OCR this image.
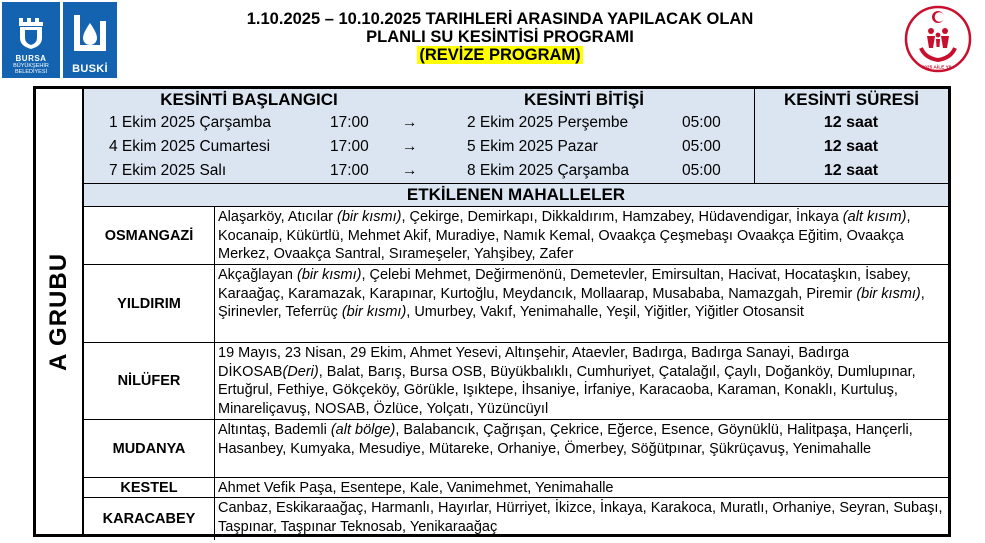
BURSA
BÜYÜKŞEHİR
BELEDİYESİ BUSKİ	2025 AİLE YILI
1.10.2025 – 10.10.2025 TARIHLERİ ARASINDA YAPILACAK OLAN
PLANLI SU KESİNTİSİ PROGRAMI
(REVİZE PROGRAM)
A GRUBU
KESİNTİ BAŞLANGICI	KESİNTİ BİTİŞİ	KESİNTİ SÜRESİ
1 Ekim 2025 Çarşamba	17:00 →	2 Ekim 2025 Perşembe	05:00	12 saat
4 Ekim 2025 Cumartesi	17:00 →	5 Ekim 2025 Pazar	05:00	12 saat
7 Ekim 2025 Salı	17:00 →	8 Ekim 2025 Çarşamba	05:00	12 saat
ETKİLENEN MAHALLELER
OSMANGAZİ
Alaşarköy, Atıcılar (bir kısmı), Çekirge, Demirkapı, Dikkaldırım, Hamzabey, Hüdavendigar, İnkaya (alt kısım), Kocanaip, Kükürtlü, Mehmet Akif, Muradiye, Namık Kemal, Ovaakça Çeşmebaşı Ovaakça Eğitim, Ovaakça Merkez, Ovaakça Santral, Sırameşeler, Yahşibey, Zafer
YILDIRIM
Akçağlayan (bir kısmı), Çelebi Mehmet, Değirmenönü, Demetevler, Emirsultan, Hacivat, Hocataşkın, İsabey, Karaağaç, Karamazak, Karapınar, Kurtoğlu, Meydancık, Mollaarap, Musababa, Namazgah, Piremir (bir kısmı), Şirinevler, Teferrüç (bir kısmı), Umurbey, Vakıf, Yenimahalle, Yeşil, Yiğitler, Yiğitler Otosansit
NİLÜFER
19 Mayıs, 23 Nisan, 29 Ekim, Ahmet Yesevi, Altınşehir, Ataevler, Badırga, Badırga Sanayi, Badırga DİKOSAB(Deri), Balat, Barış, Bursa OSB, Büyükbalıklı, Cumhuriyet, Çatalağıl, Çaylı, Doğanköy, Dumlupınar, Ertuğrul, Fethiye, Gökçeköy, Görükle, Işıktepe, İhsaniye, İrfaniye, Karacaoba, Karaman, Konaklı, Kurtuluş, Minareliçavuş, NOSAB, Özlüce, Yolçatı, Yüzüncüyıl
MUDANYA
Altıntaş, Bademli (alt bölge), Balabancık, Çağrışan, Çekrice, Eğerce, Esence, Göynüklü, Halitpaşa, Hançerli, Hasanbey, Kumyaka, Mesudiye, Mütareke, Orhaniye, Ömerbey, Söğütpınar, Şükrüçavuş, Yenimahalle
KESTEL	Ahmet Vefik Paşa, Esentepe, Kale, Vanimehmet, Yenimahalle
KARACABEY
Canbaz, Eskikaraağaç, Harmanlı, Hayırlar, Hürriyet, İkizce, İnkaya, Karakoca, Muratlı, Orhaniye, Seyran, Subaşı, Taşpınar, Taşpınar Teknosab, Yenikaraağaç
